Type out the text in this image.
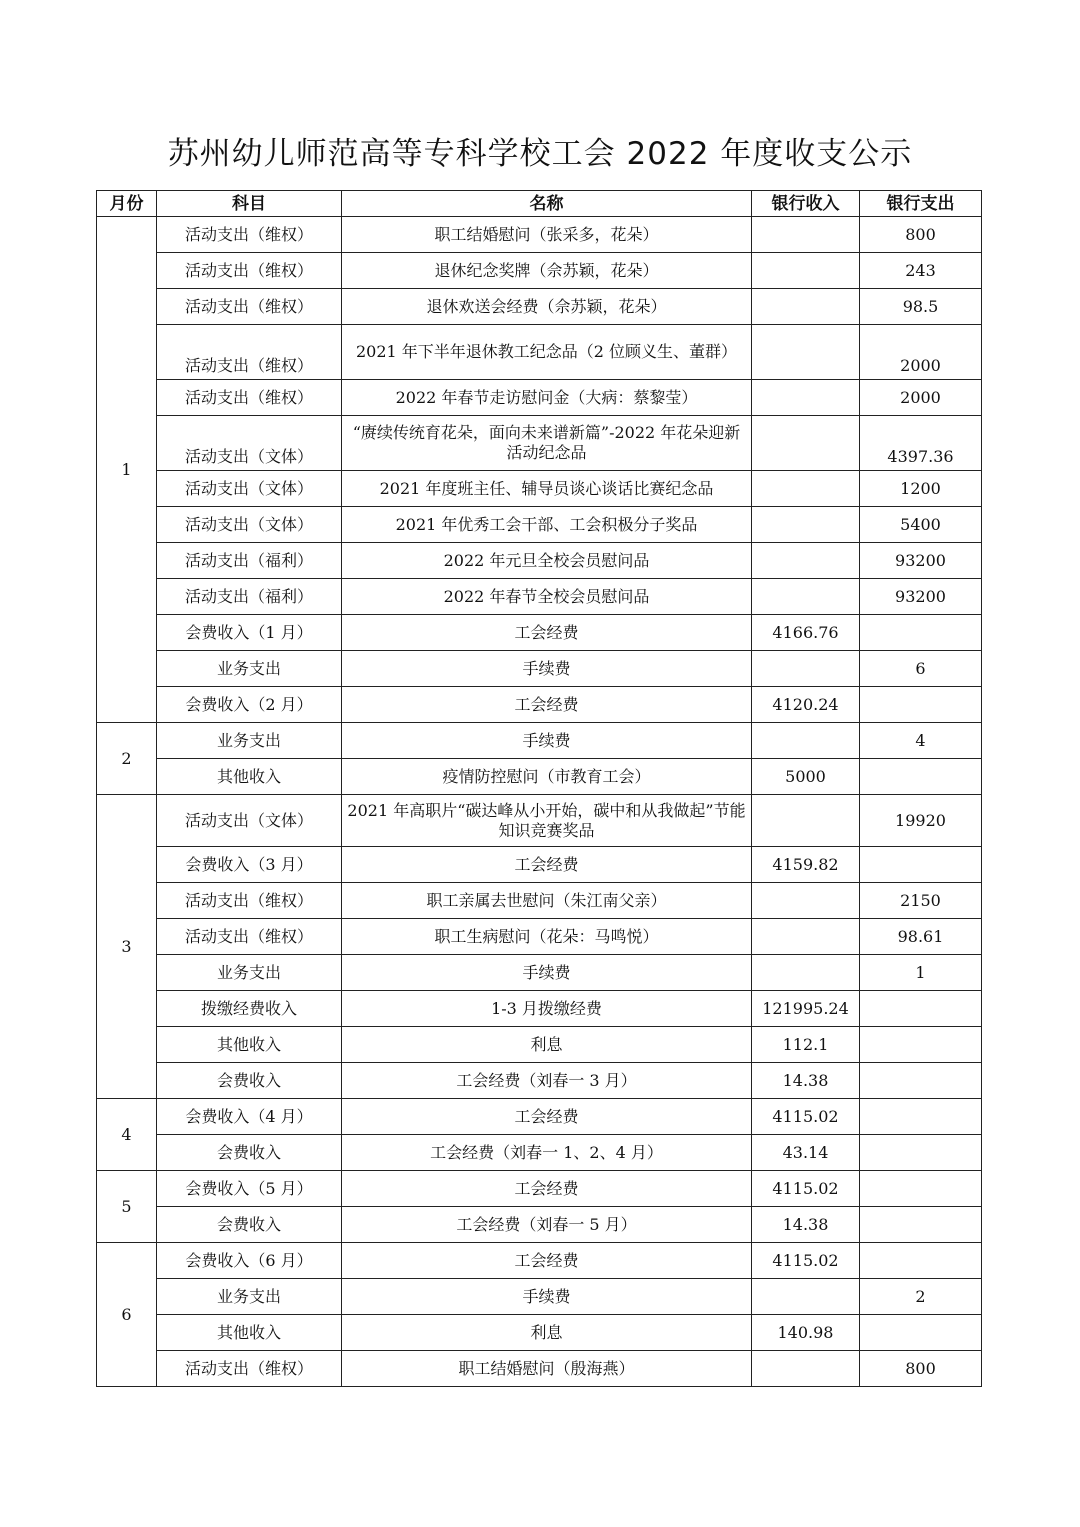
苏州幼儿师范高等专科学校工会 2022 年度收支公示
月份	科目	名称	银行收入	银行支出
1	活动支出（维权）	职工结婚慰问（张采多，花朵）		800
	活动支出（维权）	退休纪念奖牌（佘苏颖，花朵）		243
	活动支出（维权）	退休欢送会经费（佘苏颖，花朵）		98.5
	活动支出（维权）	2021 年下半年退休教工纪念品（2 位顾义生、董群）		2000
	活动支出（维权）	2022 年春节走访慰问金（大病：蔡黎莹）		2000
	活动支出（文体）	“赓续传统育花朵，面向未来谱新篇”-2022 年花朵迎新活动纪念品		4397.36
	活动支出（文体）	2021 年度班主任、辅导员谈心谈话比赛纪念品		1200
	活动支出（文体）	2021 年优秀工会干部、工会积极分子奖品		5400
	活动支出（福利）	2022 年元旦全校会员慰问品		93200
	活动支出（福利）	2022 年春节全校会员慰问品		93200
	会费收入（1 月）	工会经费	4166.76	
	业务支出	手续费		6
	会费收入（2 月）	工会经费	4120.24	
2	业务支出	手续费		4
	其他收入	疫情防控慰问（市教育工会）	5000	
3	活动支出（文体）	2021 年高职片“碳达峰从小开始，碳中和从我做起”节能知识竞赛奖品		19920
	会费收入（3 月）	工会经费	4159.82	
	活动支出（维权）	职工亲属去世慰问（朱江南父亲）		2150
	活动支出（维权）	职工生病慰问（花朵：马鸣悦）		98.61
	业务支出	手续费		1
	拨缴经费收入	1-3 月拨缴经费	121995.24	
	其他收入	利息	112.1	
	会费收入	工会经费（刘春一 3 月）	14.38	
4	会费收入（4 月）	工会经费	4115.02	
	会费收入	工会经费（刘春一 1、2、4 月）	43.14	
5	会费收入（5 月）	工会经费	4115.02	
	会费收入	工会经费（刘春一 5 月）	14.38	
6	会费收入（6 月）	工会经费	4115.02	
	业务支出	手续费		2
	其他收入	利息	140.98	
	活动支出（维权）	职工结婚慰问（殷海燕）		800
